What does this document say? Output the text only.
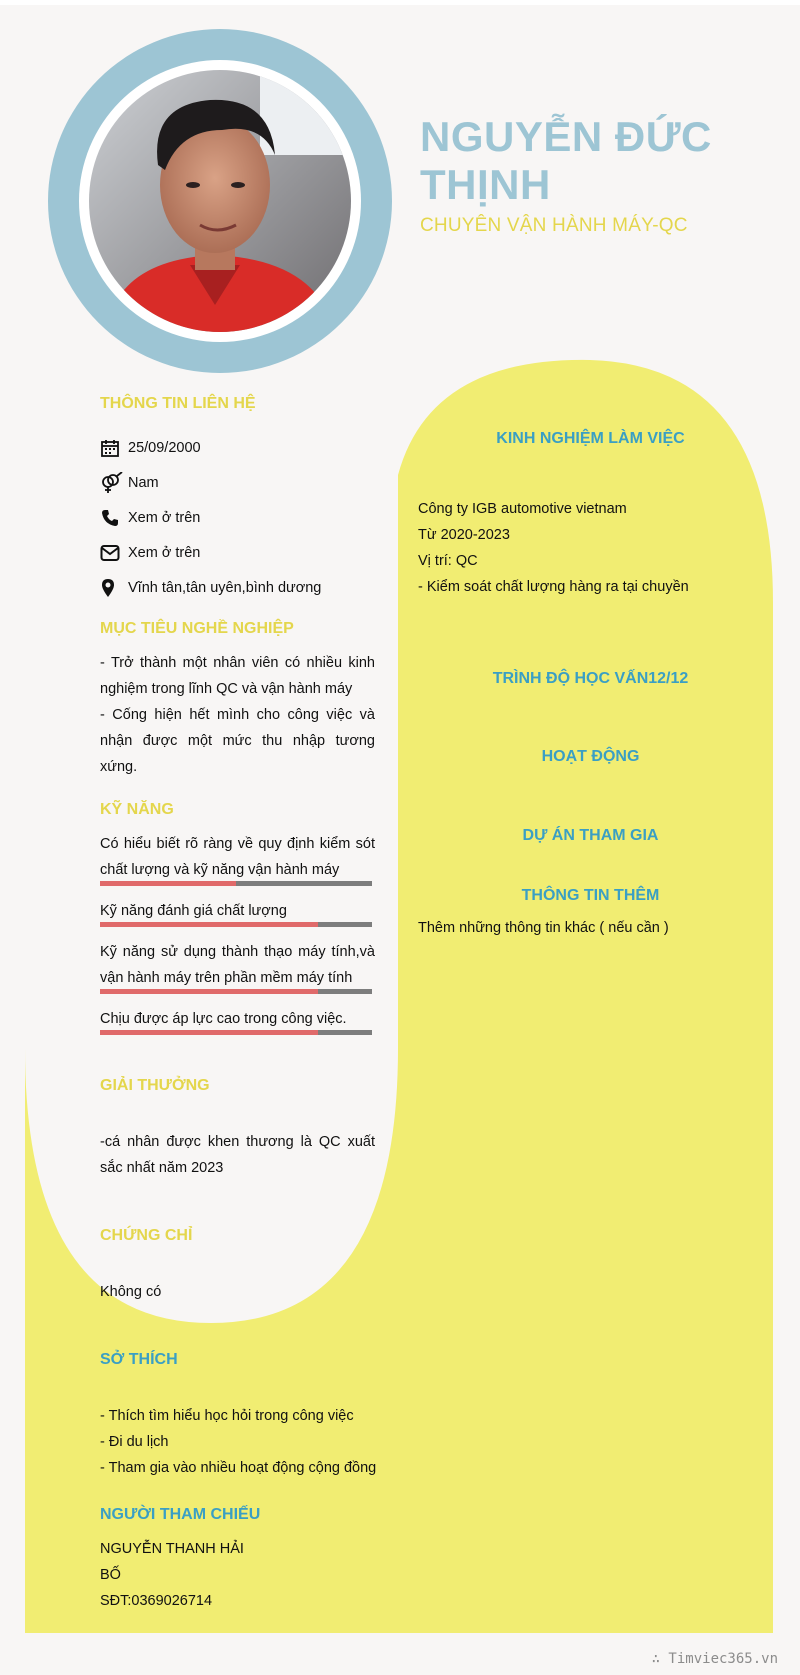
NGUYỄN ĐỨC THỊNH
CHUYÊN VẬN HÀNH MÁY-QC
THÔNG TIN LIÊN HỆ
25/09/2000
Nam
Xem ở trên
Xem ở trên
Vĩnh tân,tân uyên,bình dương
MỤC TIÊU NGHỀ NGHIỆP
- Trở thành một nhân viên có nhiều kinh nghiệm trong lĩnh QC và vận hành máy
- Cống hiện hết mình cho công việc và nhận được một mức thu nhập tương xứng.
KỸ NĂNG
Có hiểu biết rõ ràng về quy định kiểm sót chất lượng và kỹ năng vận hành máy
Kỹ năng đánh giá chất lượng
Kỹ năng sử dụng thành thạo máy tính,và vận hành máy trên phần mềm máy tính
Chịu được áp lực cao trong công việc.
GIẢI THƯỞNG
-cá nhân được khen thương là QC xuất sắc nhất năm 2023
CHỨNG CHỈ
Không có
SỞ THÍCH
- Thích tìm hiểu học hỏi trong công việc
- Đi du lịch
- Tham gia vào nhiều hoạt động cộng đồng
NGƯỜI THAM CHIẾU
NGUYỄN THANH HẢI
BỐ
SĐT:0369026714
KINH NGHIỆM LÀM VIỆC
Công ty IGB automotive vietnam
Từ 2020-2023
Vị trí: QC
- Kiểm soát chất lượng hàng ra tại chuyền
TRÌNH ĐỘ HỌC VẤN12/12
HOẠT ĐỘNG
DỰ ÁN THAM GIA
THÔNG TIN THÊM
Thêm những thông tin khác ( nếu cần )
∴ Timviec365.vn
